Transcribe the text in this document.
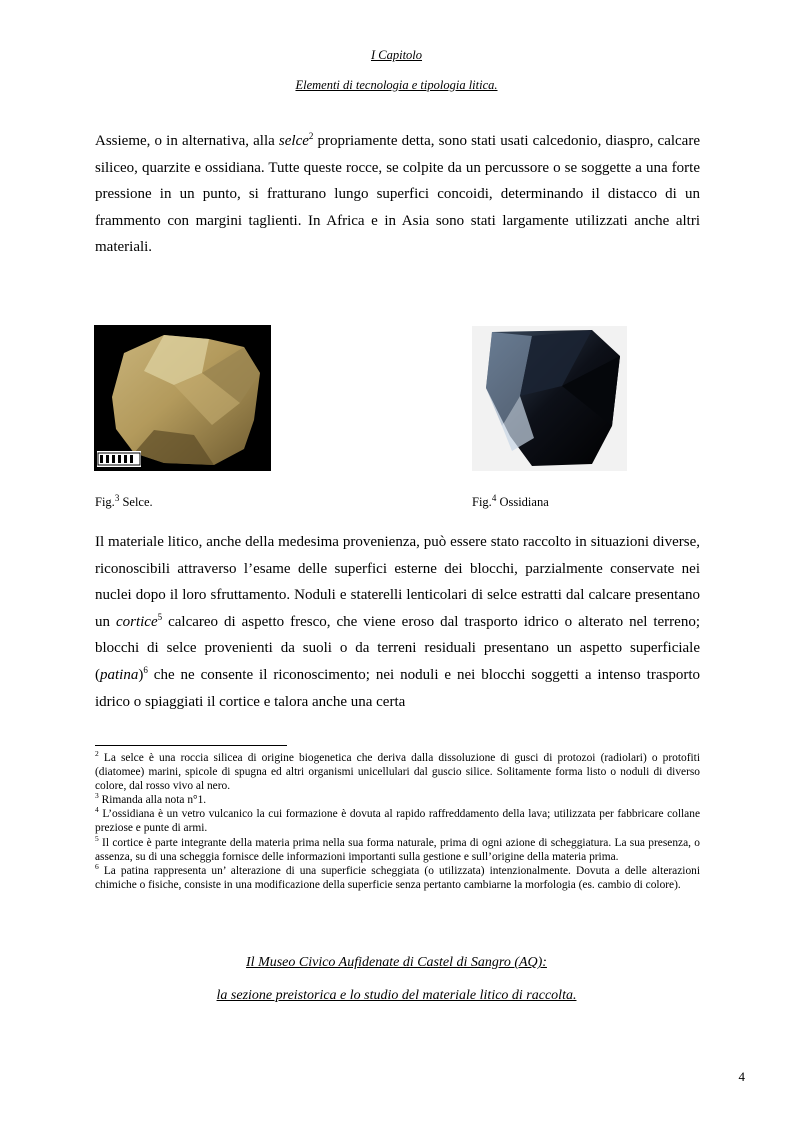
I Capitolo
Elementi di tecnologia e tipologia litica.
Assieme, o in alternativa, alla selce$^2$ propriamente detta, sono stati usati calcedonio, diaspro, calcare siliceo, quarzite e ossidiana. Tutte queste rocce, se colpite da un percussore o se soggette a una forte pressione in un punto, si fratturano lungo superfici concoidi, determinando il distacco di un frammento con margini taglienti. In Africa e in Asia sono stati largamente utilizzati anche altri materiali.
Fig.$^3$ Selce.	Fig.$^4$ Ossidiana
Il materiale litico, anche della medesima provenienza, può essere stato raccolto in situazioni diverse, riconoscibili attraverso l’esame delle superfici esterne dei blocchi, parzialmente conservate nei nuclei dopo il loro sfruttamento. Noduli e staterelli lenticolari di selce estratti dal calcare presentano un cortice$^5$ calcareo di aspetto fresco, che viene eroso dal trasporto idrico o alterato nel terreno; blocchi di selce provenienti da suoli o da terreni residuali presentano un aspetto superficiale (patina)$^6$ che ne consente il riconoscimento; nei noduli e nei blocchi soggetti a intenso trasporto idrico o spiaggiati il cortice e talora anche una certa

$^2$ La selce è una roccia silicea di origine biogenetica che deriva dalla dissoluzione di gusci di protozoi (radiolari) o protofiti (diatomee) marini, spicole di spugna ed altri organismi unicellulari dal guscio silice. Solitamente forma listo o noduli di diverso colore, dal rosso vivo al nero.

$^3$ Rimanda alla nota n°1.

$^4$ L’ossidiana è un vetro vulcanico la cui formazione è dovuta al rapido raffreddamento della lava; utilizzata per fabbricare collane preziose e punte di armi.

$^5$ Il cortice è parte integrante della materia prima nella sua forma naturale, prima di ogni azione di scheggiatura. La sua presenza, o assenza, su di una scheggia fornisce delle informazioni importanti sulla gestione e sull’origine della materia prima.

$^6$ La patina rappresenta un’ alterazione di una superficie scheggiata (o utilizzata) intenzionalmente. Dovuta a delle alterazioni chimiche o fisiche, consiste in una modificazione della superficie senza pertanto cambiarne la morfologia (es. cambio di colore).

Il Museo Civico Aufidenate di Castel di Sangro (AQ):
la sezione preistorica e lo studio del materiale litico di raccolta.
4
